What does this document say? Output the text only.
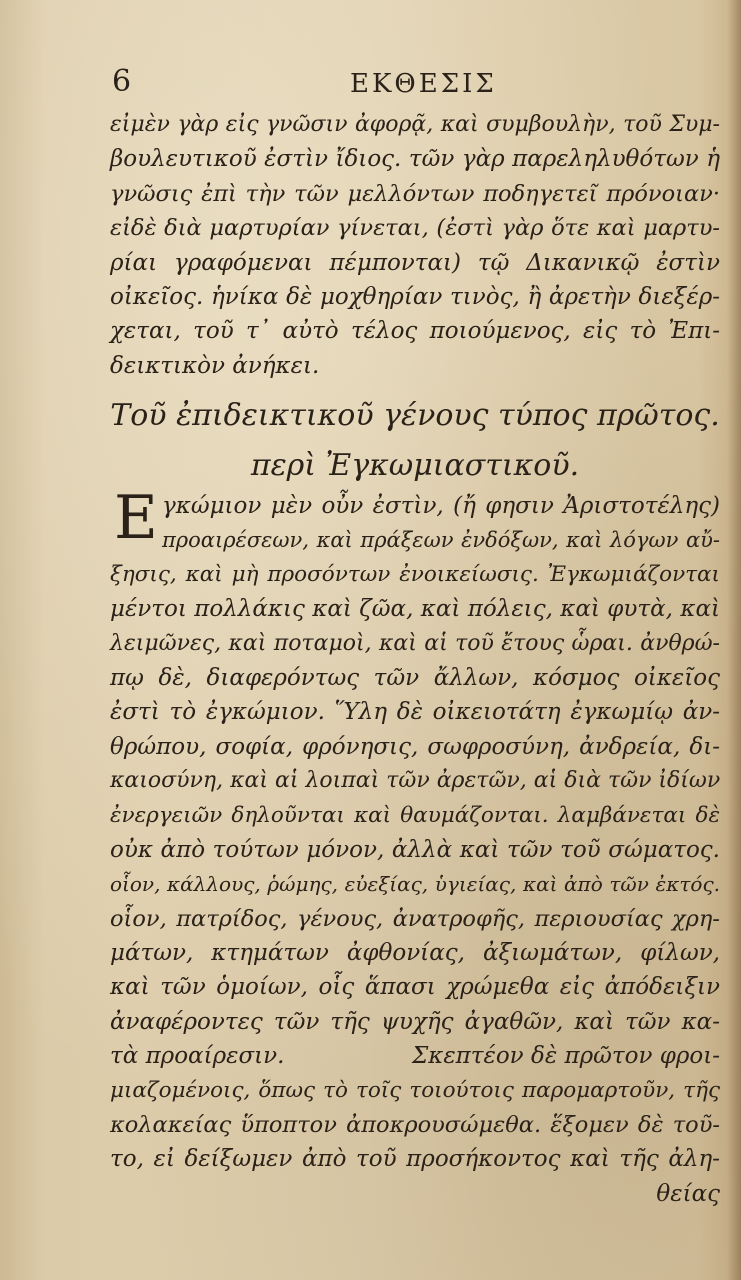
6	ΕΚΘΕΣΙΣ
εἰμὲν γὰρ εἰς γνῶσιν ἀφορᾷ, καὶ συμβουλὴν, τοῦ Συμ-
βουλευτικοῦ ἐστὶν ἴδιος. τῶν γὰρ παρεληλυθότων ἡ
γνῶσις ἐπὶ τὴν τῶν μελλόντων ποδηγετεῖ πρόνοιαν·
εἰδὲ διὰ μαρτυρίαν γίνεται, (ἐστὶ γὰρ ὅτε καὶ μαρτυ-
ρίαι γραφόμεναι πέμπονται) τῷ Δικανικῷ ἐστὶν
οἰκεῖος. ἡνίκα δὲ μοχθηρίαν τινὸς, ἢ ἀρετὴν διεξέρ-
χεται, τοῦ τ᾽ αὐτὸ τέλος ποιούμενος, εἰς τὸ Ἐπι-
δεικτικὸν ἀνήκει.
Τοῦ ἐπιδεικτικοῦ γένους τύπος πρῶτος.
περὶ Ἐγκωμιαστικοῦ.
Ε γκώμιον μὲν οὖν ἐστὶν, (ἤ φησιν Ἀριστοτέλης)
προαιρέσεων, καὶ πράξεων ἐνδόξων, καὶ λόγων αὔ-
ξησις, καὶ μὴ προσόντων ἐνοικείωσις. Ἐγκωμιάζονται
μέντοι πολλάκις καὶ ζῶα, καὶ πόλεις, καὶ φυτὰ, καὶ
λειμῶνες, καὶ ποταμοὶ, καὶ αἱ τοῦ ἔτους ὧραι. ἀνθρώ-
πῳ δὲ, διαφερόντως τῶν ἄλλων, κόσμος οἰκεῖος
ἐστὶ τὸ ἐγκώμιον. Ὕλη δὲ οἰκειοτάτη ἐγκωμίῳ ἀν-
θρώπου, σοφία, φρόνησις, σωφροσύνη, ἀνδρεία, δι-
καιοσύνη, καὶ αἱ λοιπαὶ τῶν ἀρετῶν, αἱ διὰ τῶν ἰδίων
ἐνεργειῶν δηλοῦνται καὶ θαυμάζονται. λαμβάνεται δὲ
οὐκ ἀπὸ τούτων μόνον, ἀλλὰ καὶ τῶν τοῦ σώματος.
οἷον, κάλλους, ῥώμης, εὐεξίας, ὑγιείας, καὶ ἀπὸ τῶν ἐκτός.
οἷον, πατρίδος, γένους, ἀνατροφῆς, περιουσίας χρη-
μάτων, κτημάτων ἀφθονίας, ἀξιωμάτων, φίλων,
καὶ τῶν ὁμοίων, οἷς ἅπασι χρώμεθα εἰς ἀπόδειξιν
ἀναφέροντες τῶν τῆς ψυχῆς ἀγαθῶν, καὶ τῶν κα-
τὰ προαίρεσιν.	Σκεπτέον δὲ πρῶτον φροι-
μιαζομένοις, ὅπως τὸ τοῖς τοιούτοις παρομαρτοῦν, τῆς
κολακείας ὕποπτον ἀποκρουσώμεθα. ἕξομεν δὲ τοῦ-
το, εἰ δείξωμεν ἀπὸ τοῦ προσήκοντος καὶ τῆς ἀλη-
θείας
